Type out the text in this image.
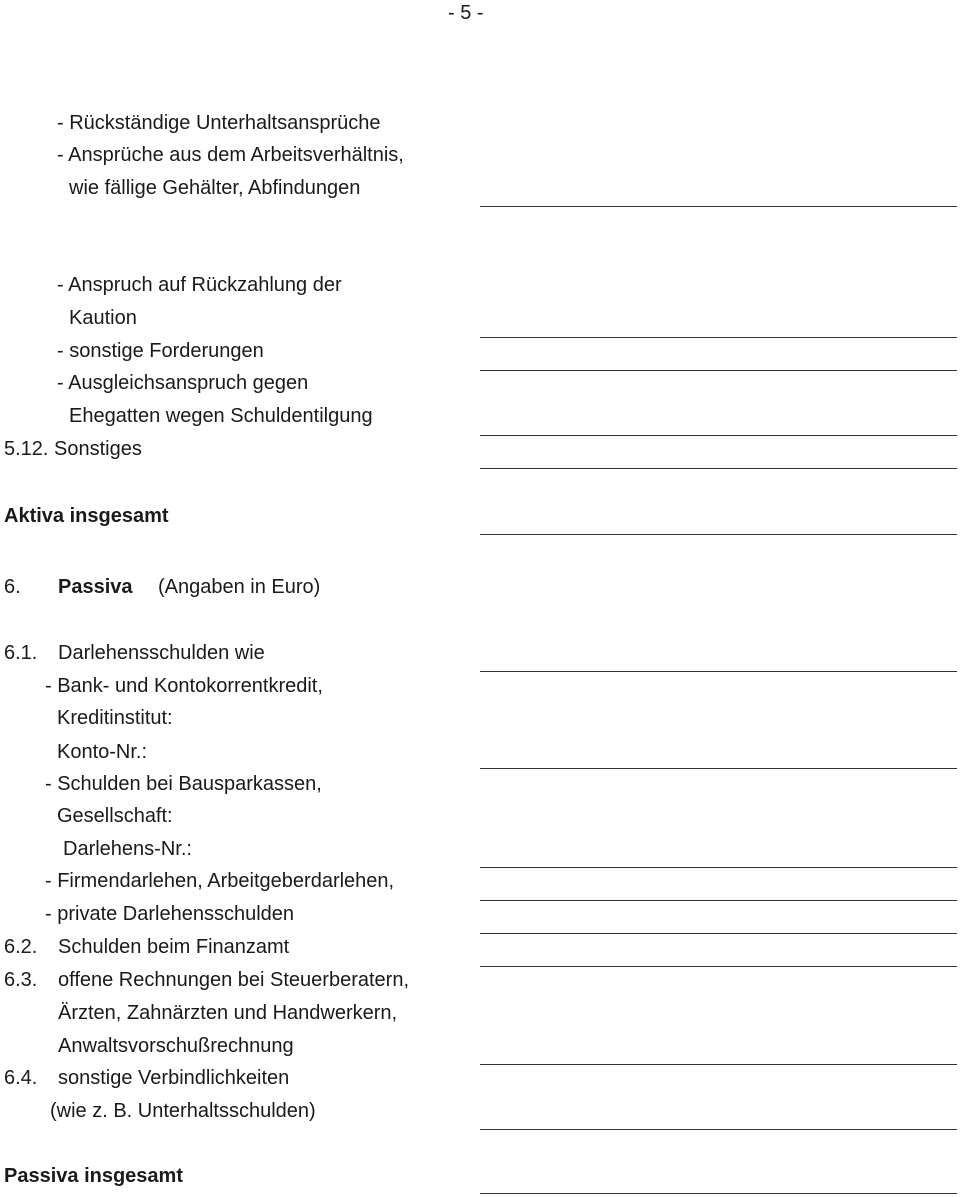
- 5 -
- Rückständige Unterhaltsansprüche
- Ansprüche aus dem Arbeitsverhältnis,
wie fällige Gehälter, Abfindungen
- Anspruch auf Rückzahlung der
Kaution
- sonstige Forderungen
- Ausgleichsanspruch gegen
Ehegatten wegen Schuldentilgung
5.12. Sonstiges
Aktiva insgesamt
6. Passiva (Angaben in Euro)
6.1. Darlehensschulden wie
- Bank- und Kontokorrentkredit,
Kreditinstitut:
Konto-Nr.:
- Schulden bei Bausparkassen,
Gesellschaft:
Darlehens-Nr.:
- Firmendarlehen, Arbeitgeberdarlehen,
- private Darlehensschulden
6.2. Schulden beim Finanzamt
6.3. offene Rechnungen bei Steuerberatern,
Ärzten, Zahnärzten und Handwerkern,
Anwaltsvorschußrechnung
6.4. sonstige Verbindlichkeiten
(wie z. B. Unterhaltsschulden)
Passiva insgesamt
